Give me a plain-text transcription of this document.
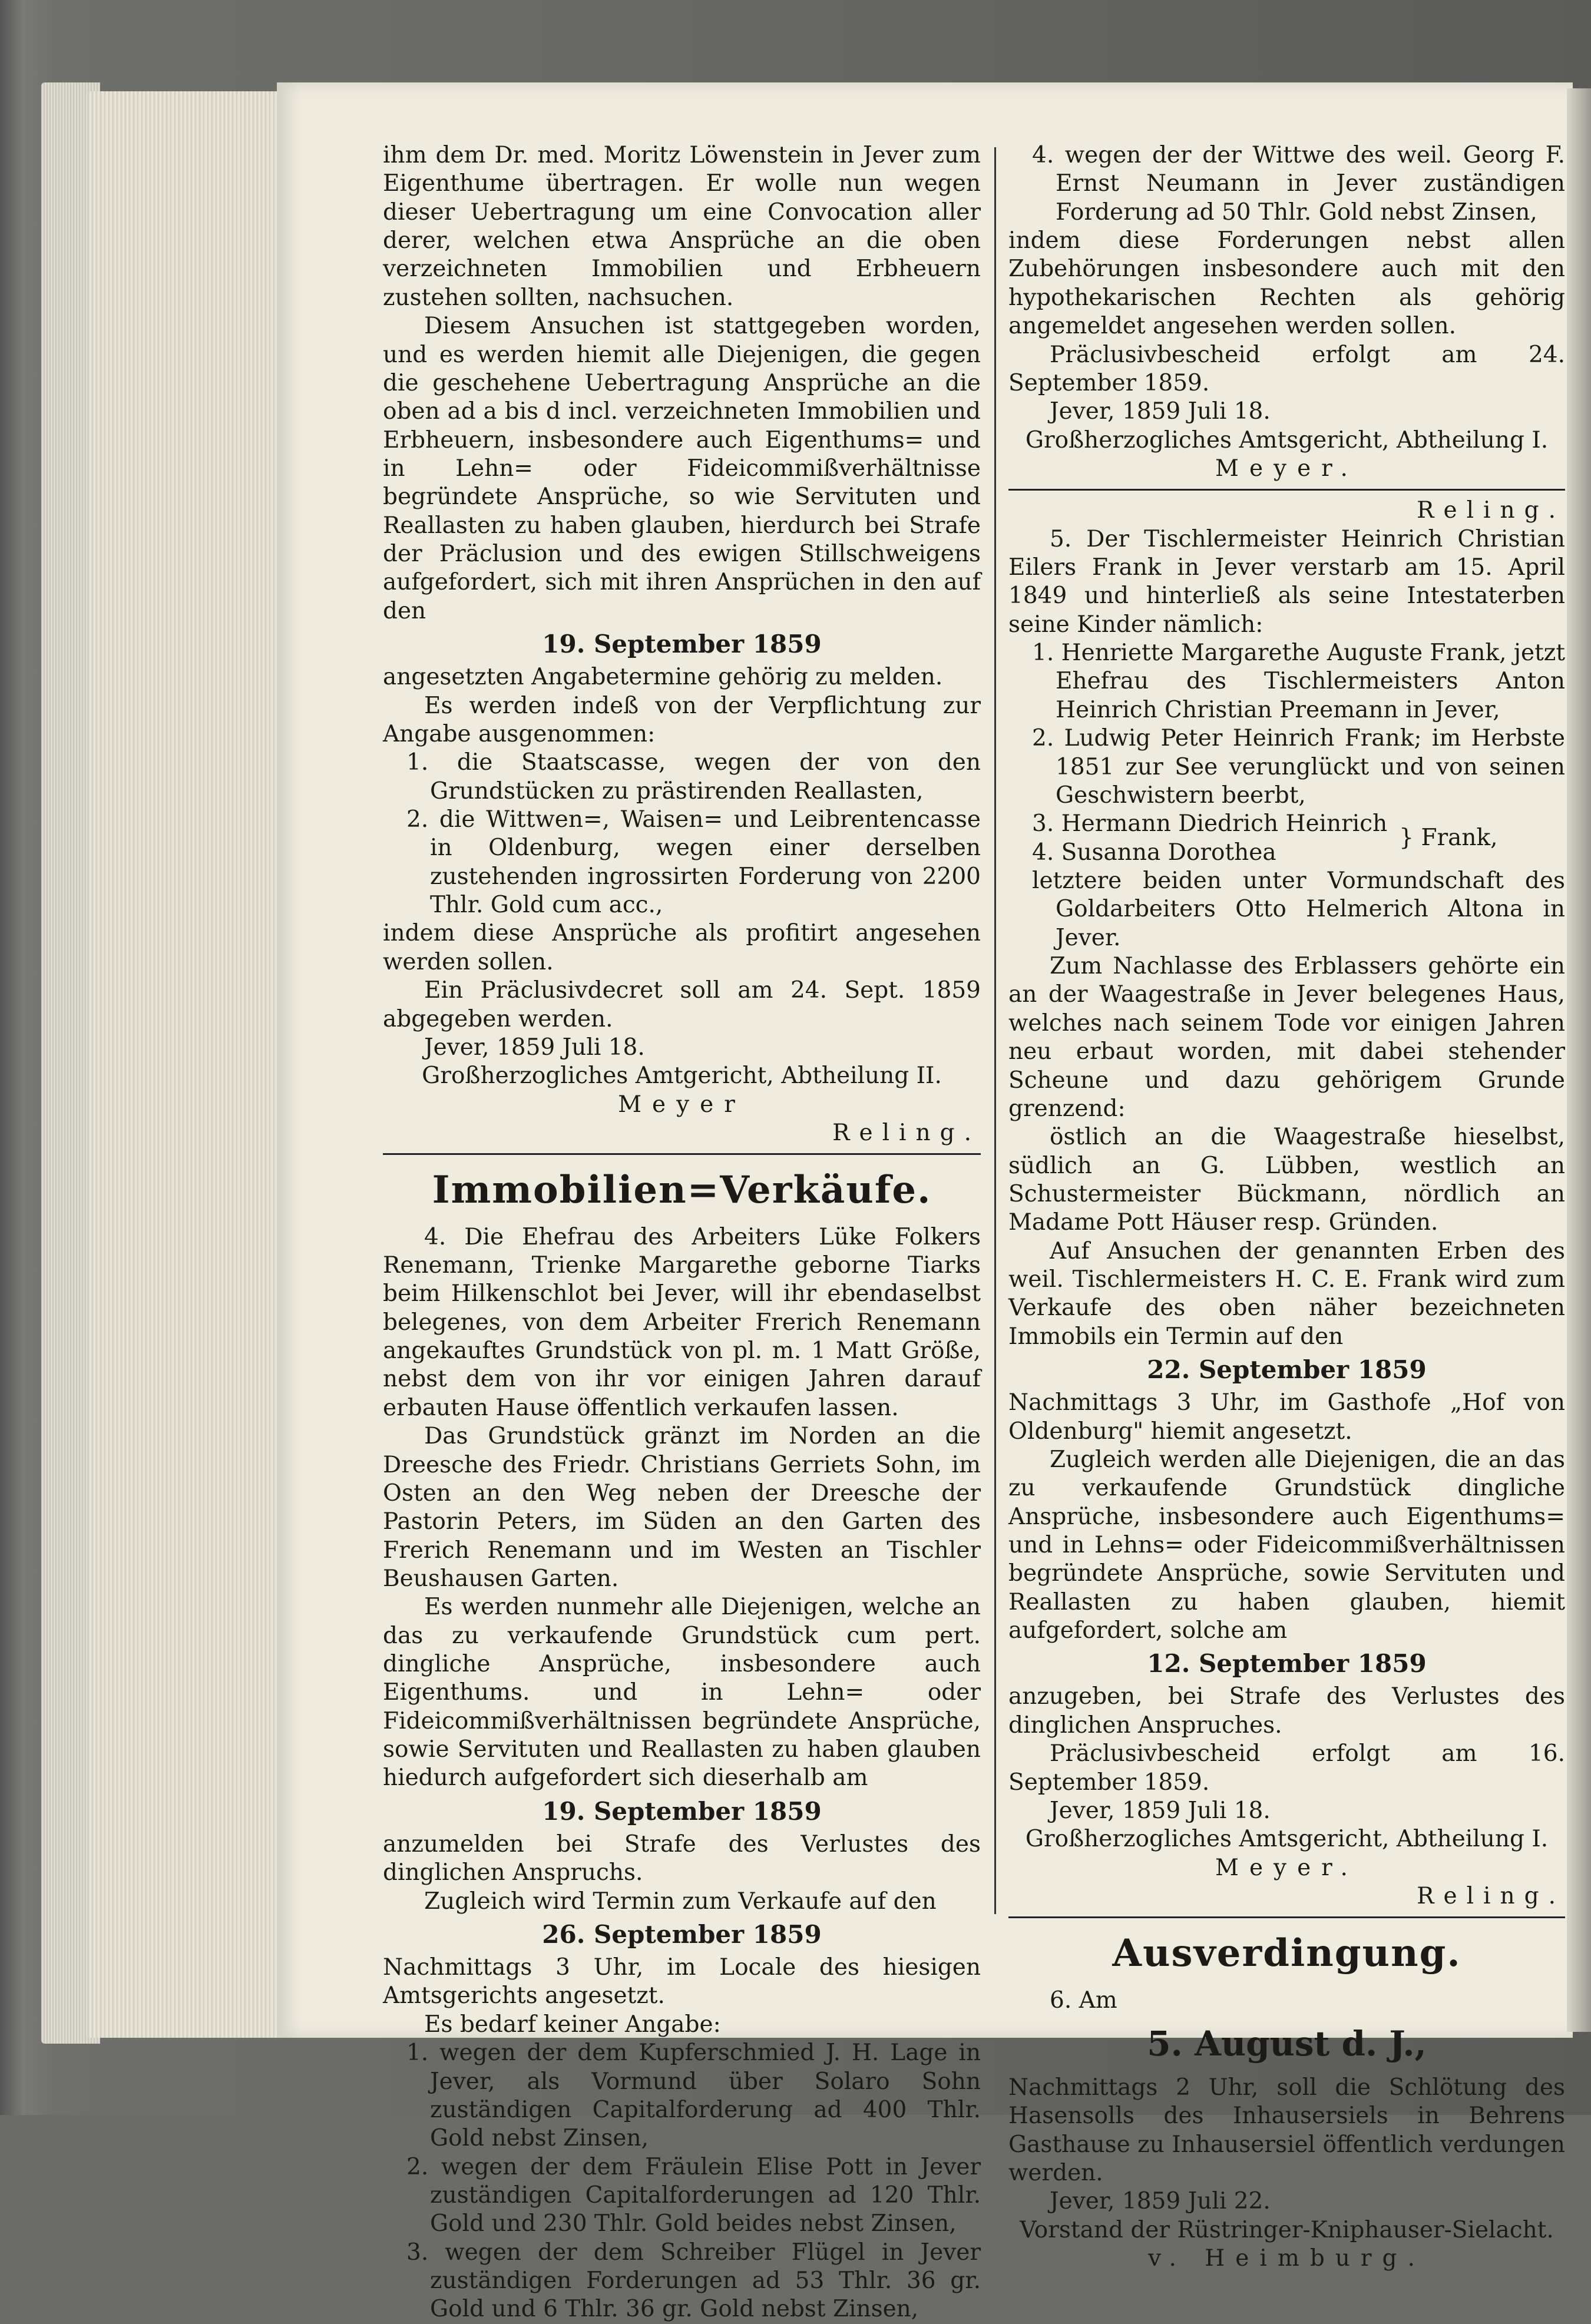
ihm dem Dr. med. Moritz Löwenstein in Jever zum Eigenthume übertragen. Er wolle nun wegen dieser Uebertragung um eine Convocation aller derer, welchen etwa Ansprüche an die oben verzeichneten Immobilien und Erbheuern zustehen sollten, nachsuchen.

Diesem Ansuchen ist stattgegeben worden, und es werden hiemit alle Diejenigen, die gegen die geschehene Uebertragung Ansprüche an die oben ad a bis d incl. verzeichneten Immobilien und Erbheuern, insbesondere auch Eigenthums= und in Lehn= oder Fideicommißverhältnisse begründete Ansprüche, so wie Servituten und Reallasten zu haben glauben, hierdurch bei Strafe der Präclusion und des ewigen Stillschweigens aufgefordert, sich mit ihren Ansprüchen in den auf den

19. September 1859

angesetzten Angabetermine gehörig zu melden.

Es werden indeß von der Verpflichtung zur Angabe ausgenommen:

1. die Staatscasse, wegen der von den Grundstücken zu prästirenden Reallasten,

2. die Wittwen=, Waisen= und Leibrentencasse in Oldenburg, wegen einer derselben zustehenden ingrossirten Forderung von 2200 Thlr. Gold cum acc.,

indem diese Ansprüche als profitirt angesehen werden sollen.

Ein Präclusivdecret soll am 24. Sept. 1859 abgegeben werden.

Jever, 1859 Juli 18.

Großherzogliches Amtgericht, Abtheilung II.

Meyer

Reling.

Immobilien=Verkäufe.

4. Die Ehefrau des Arbeiters Lüke Folkers Renemann, Trienke Margarethe geborne Tiarks beim Hilkenschlot bei Jever, will ihr ebendaselbst belegenes, von dem Arbeiter Frerich Renemann angekauftes Grundstück von pl. m. 1 Matt Größe, nebst dem von ihr vor einigen Jahren darauf erbauten Hause öffentlich verkaufen lassen.

Das Grundstück gränzt im Norden an die Dreesche des Friedr. Christians Gerriets Sohn, im Osten an den Weg neben der Dreesche der Pastorin Peters, im Süden an den Garten des Frerich Renemann und im Westen an Tischler Beushausen Garten.

Es werden nunmehr alle Diejenigen, welche an das zu verkaufende Grundstück cum pert. dingliche Ansprüche, insbesondere auch Eigenthums. und in Lehn= oder Fideicommißverhältnissen begründete Ansprüche, sowie Servituten und Reallasten zu haben glauben hiedurch aufgefordert sich dieserhalb am

19. September 1859

anzumelden bei Strafe des Verlustes des dinglichen Anspruchs.

Zugleich wird Termin zum Verkaufe auf den

26. September 1859

Nachmittags 3 Uhr, im Locale des hiesigen Amtsgerichts angesetzt.

Es bedarf keiner Angabe:

1. wegen der dem Kupferschmied J. H. Lage in Jever, als Vormund über Solaro Sohn zuständigen Capitalforderung ad 400 Thlr. Gold nebst Zinsen,

2. wegen der dem Fräulein Elise Pott in Jever zuständigen Capitalforderungen ad 120 Thlr. Gold und 230 Thlr. Gold beides nebst Zinsen,

3. wegen der dem Schreiber Flügel in Jever zuständigen Forderungen ad 53 Thlr. 36 gr. Gold und 6 Thlr. 36 gr. Gold nebst Zinsen,

4. wegen der der Wittwe des weil. Georg F. Ernst Neumann in Jever zuständigen Forderung ad 50 Thlr. Gold nebst Zinsen,

indem diese Forderungen nebst allen Zubehörungen insbesondere auch mit den hypothekarischen Rechten als gehörig angemeldet angesehen werden sollen.

Präclusivbescheid erfolgt am 24. September 1859.

Jever, 1859 Juli 18.

Großherzogliches Amtsgericht, Abtheilung I.

Meyer.

Reling.

5. Der Tischlermeister Heinrich Christian Eilers Frank in Jever verstarb am 15. April 1849 und hinterließ als seine Intestaterben seine Kinder nämlich:

1. Henriette Margarethe Auguste Frank, jetzt Ehefrau des Tischlermeisters Anton Heinrich Christian Preemann in Jever,

2. Ludwig Peter Heinrich Frank; im Herbste 1851 zur See verunglückt und von seinen Geschwistern beerbt,

3. Hermann Diedrich Heinrich

4. Susanna Dorothea

} Frank,

letztere beiden unter Vormundschaft des Goldarbeiters Otto Helmerich Altona in Jever.

Zum Nachlasse des Erblassers gehörte ein an der Waagestraße in Jever belegenes Haus, welches nach seinem Tode vor einigen Jahren neu erbaut worden, mit dabei stehender Scheune und dazu gehörigem Grunde grenzend:

östlich an die Waagestraße hieselbst, südlich an G. Lübben, westlich an Schustermeister Bückmann, nördlich an Madame Pott Häuser resp. Gründen.

Auf Ansuchen der genannten Erben des weil. Tischlermeisters H. C. E. Frank wird zum Verkaufe des oben näher bezeichneten Immobils ein Termin auf den

22. September 1859

Nachmittags 3 Uhr, im Gasthofe „Hof von Oldenburg" hiemit angesetzt.

Zugleich werden alle Diejenigen, die an das zu verkaufende Grundstück dingliche Ansprüche, insbesondere auch Eigenthums= und in Lehns= oder Fideicommißverhältnissen begründete Ansprüche, sowie Servituten und Reallasten zu haben glauben, hiemit aufgefordert, solche am

12. September 1859

anzugeben, bei Strafe des Verlustes des dinglichen Anspruches.

Präclusivbescheid erfolgt am 16. September 1859.

Jever, 1859 Juli 18.

Großherzogliches Amtsgericht, Abtheilung I.

Meyer.

Reling.

Ausverdingung.

6. Am

5. August d. J.,

Nachmittags 2 Uhr, soll die Schlötung des Hasensolls des Inhausersiels in Behrens Gasthause zu Inhausersiel öffentlich verdungen werden.

Jever, 1859 Juli 22.

Vorstand der Rüstringer-Kniphauser-Sielacht.

v. Heimburg.
